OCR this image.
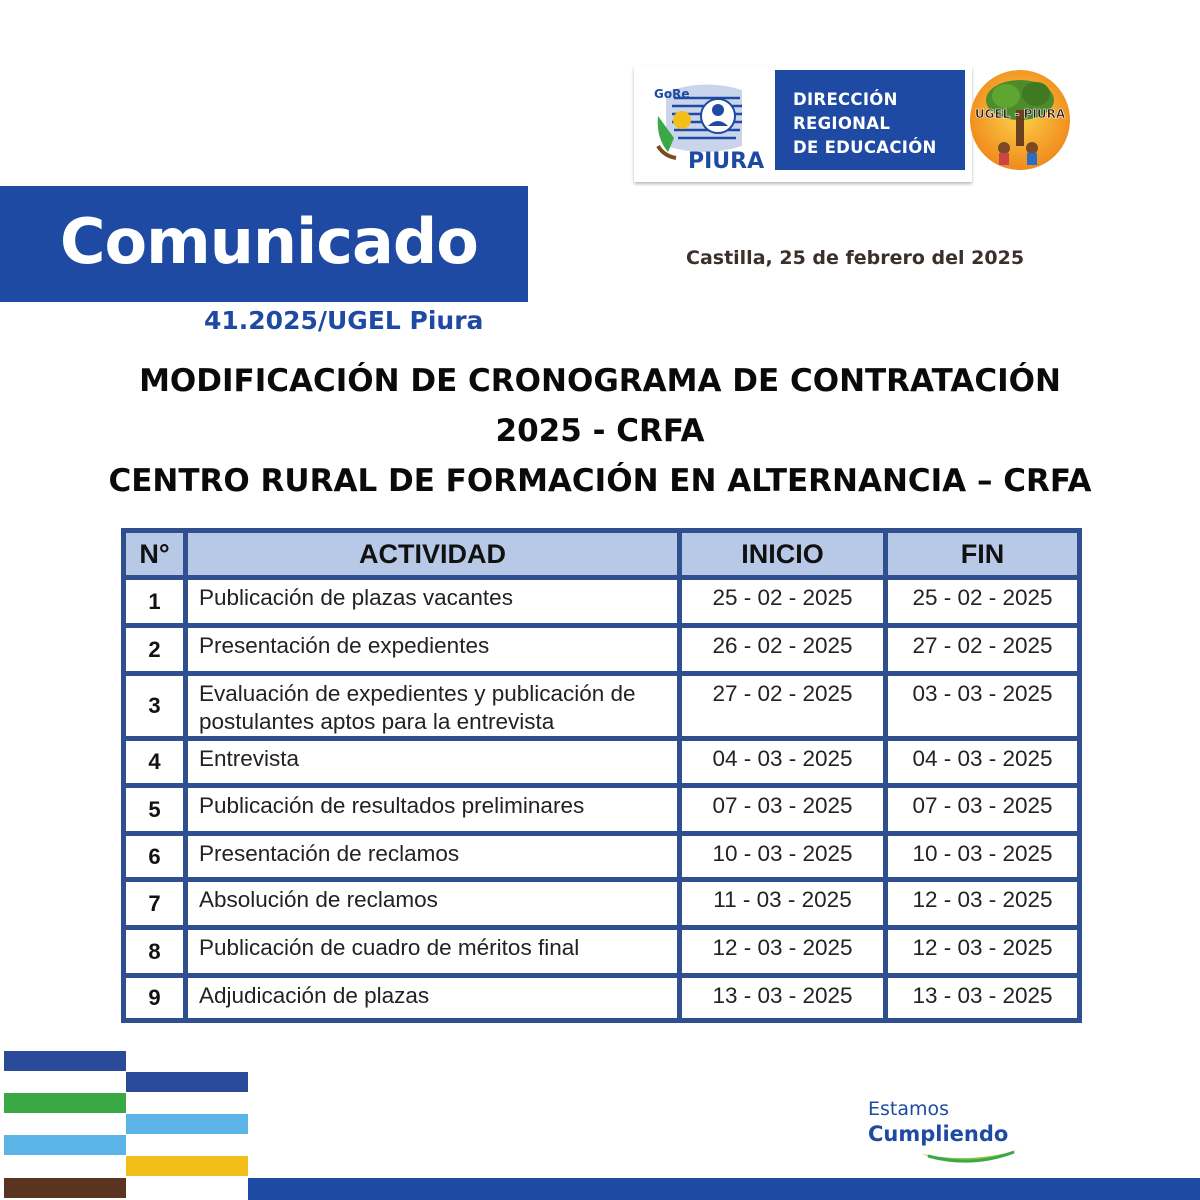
GoRe
PIURA
DIRECCIÓN
REGIONAL
DE EDUCACIÓN
UGEL - PIURA
Comunicado
41.2025/UGEL Piura
Castilla, 25 de febrero del 2025
MODIFICACIÓN DE CRONOGRAMA DE CONTRATACIÓN
2025 - CRFA
CENTRO RURAL DE FORMACIÓN EN ALTERNANCIA – CRFA
N°	ACTIVIDAD	INICIO	FIN
1	Publicación de plazas vacantes	25 - 02 - 2025	25 - 02 - 2025
2	Presentación de expedientes	26 - 02 - 2025	27 - 02 - 2025
3	Evaluación de expedientes y publicación de postulantes aptos para la entrevista	27 - 02 - 2025	03 - 03 - 2025
4	Entrevista	04 - 03 - 2025	04 - 03 - 2025
5	Publicación de resultados preliminares	07 - 03 - 2025	07 - 03 - 2025
6	Presentación de reclamos	10 - 03 - 2025	10 - 03 - 2025
7	Absolución de reclamos	11 - 03 - 2025	12 - 03 - 2025
8	Publicación de cuadro de méritos final	12 - 03 - 2025	12 - 03 - 2025
9	Adjudicación de plazas	13 - 03 - 2025	13 - 03 - 2025
Estamos
Cumpliendo
